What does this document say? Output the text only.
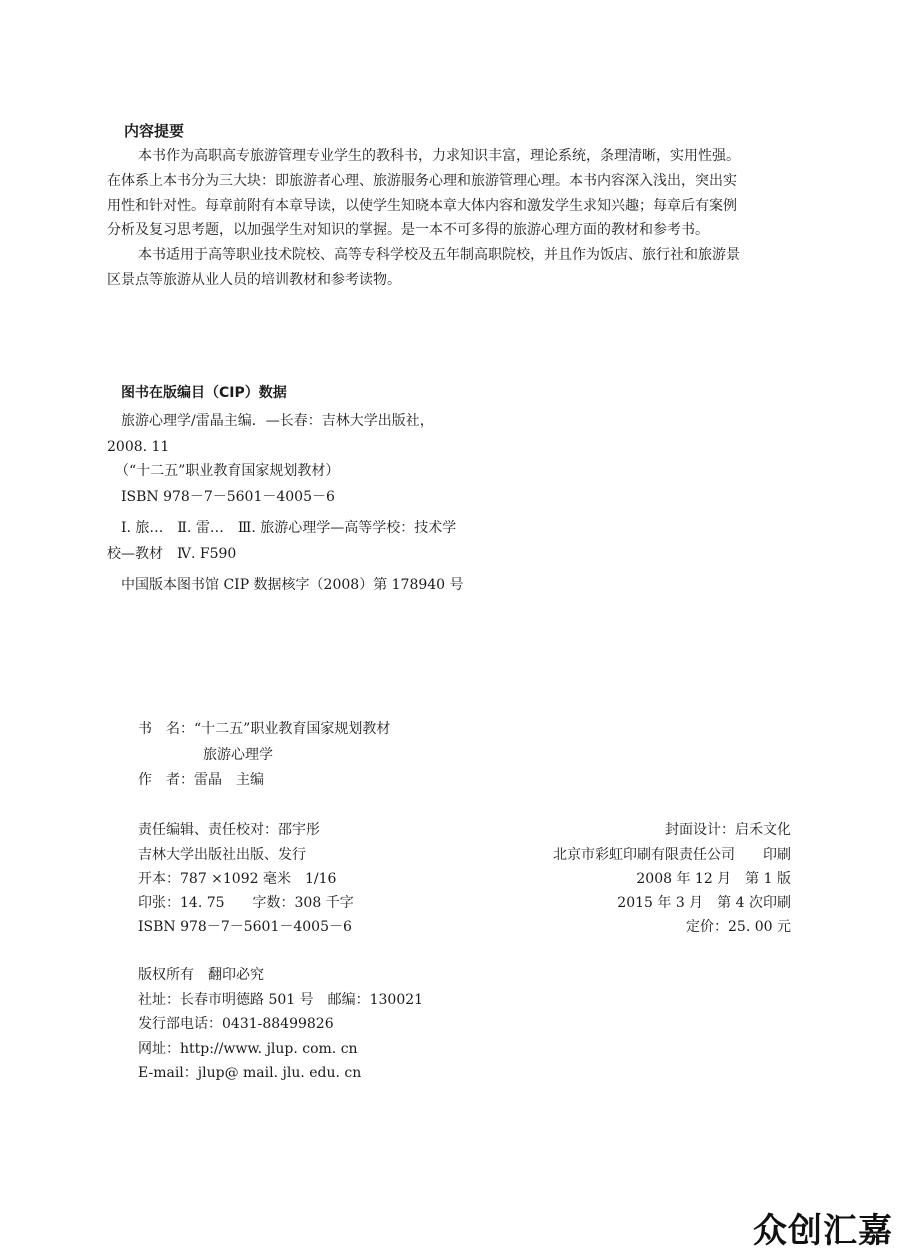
内容提要
本书作为高职高专旅游管理专业学生的教科书，力求知识丰富，理论系统，条理清晰，实用性强。
在体系上本书分为三大块：即旅游者心理、旅游服务心理和旅游管理心理。本书内容深入浅出，突出实
用性和针对性。每章前附有本章导读，以使学生知晓本章大体内容和激发学生求知兴趣；每章后有案例
分析及复习思考题，以加强学生对知识的掌握。是一本不可多得的旅游心理方面的教材和参考书。
本书适用于高等职业技术院校、高等专科学校及五年制高职院校，并且作为饭店、旅行社和旅游景
区景点等旅游从业人员的培训教材和参考读物。
图书在版编目（CIP）数据
旅游心理学/雷晶主编．—长春：吉林大学出版社，
2008. 11
（“十二五”职业教育国家规划教材）
ISBN 978－7－5601－4005－6
Ⅰ. 旅…　Ⅱ. 雷…　Ⅲ. 旅游心理学—高等学校：技术学
校—教材　Ⅳ. F590
中国版本图书馆 CIP 数据核字（2008）第 178940 号
书　名：“十二五”职业教育国家规划教材
旅游心理学
作　者：雷晶　主编
责任编辑、责任校对：邵宇彤
吉林大学出版社出版、发行
开本：787 ×1092 毫米　1/16
印张：14. 75　　字数：308 千字
ISBN 978－7－5601－4005－6
封面设计：启禾文化
北京市彩虹印刷有限责任公司　　印刷
2008 年 12 月　第 1 版
2015 年 3 月　第 4 次印刷
定价：25. 00 元
版权所有　翻印必究
社址：长春市明德路 501 号　邮编：130021
发行部电话：0431-88499826
网址：http://www. jlup. com. cn
E-mail：jlup@ mail. jlu. edu. cn
众创汇嘉
